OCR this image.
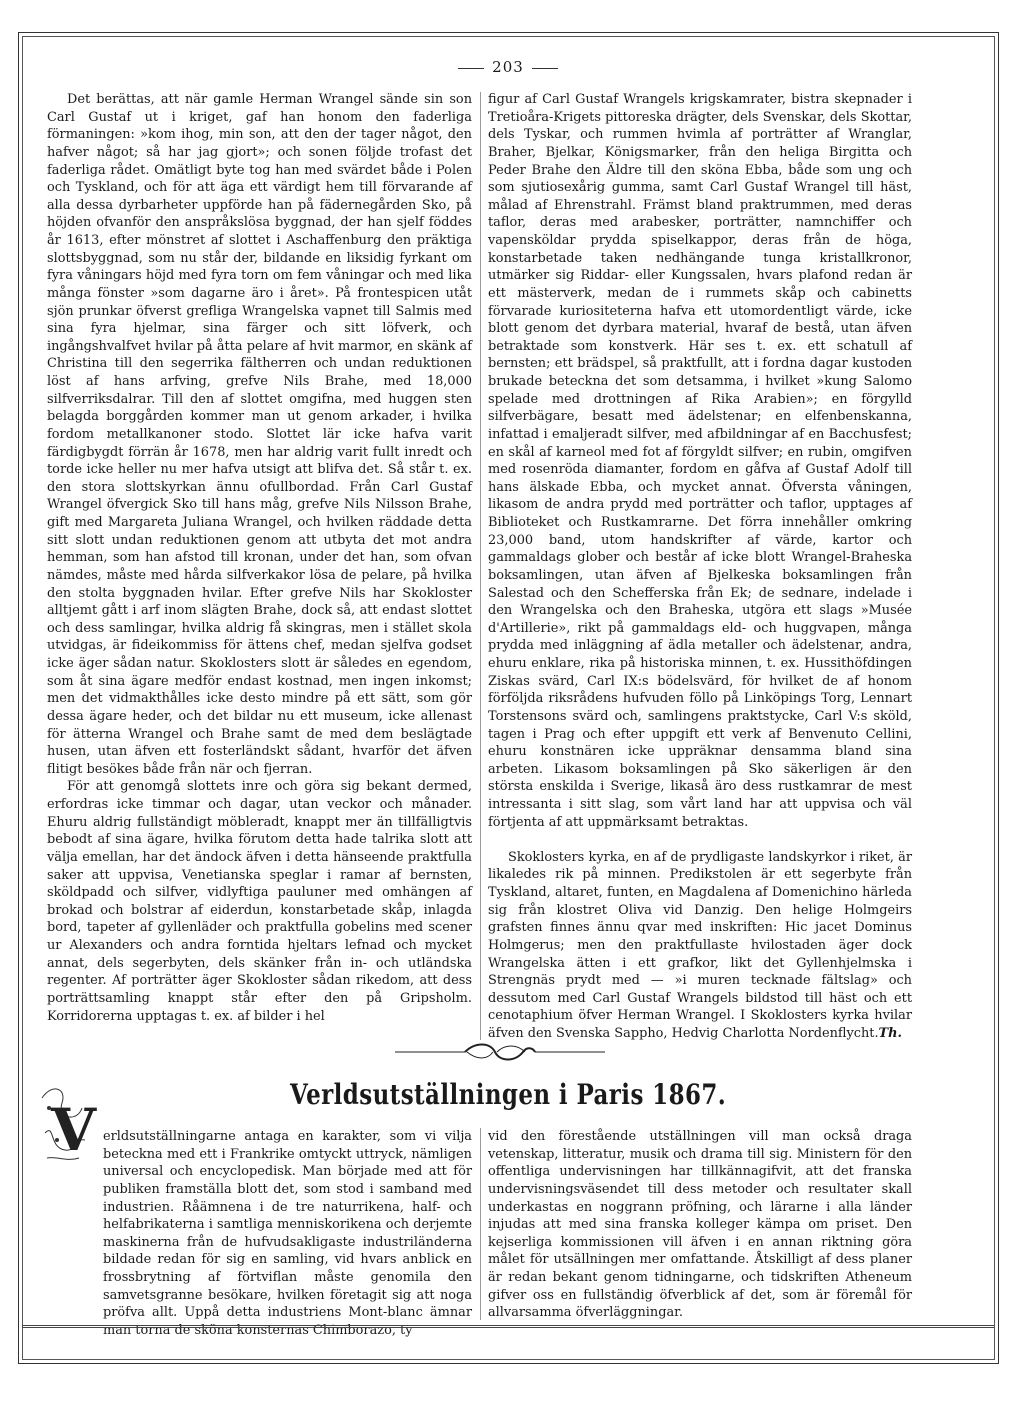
203

Det berättas, att när gamle Herman Wrangel sände sin son Carl Gustaf ut i kriget, gaf han honom den faderliga förmaningen: »kom ihog, min son, att den der tager något, den hafver något; så har jag gjort»; och sonen följde trofast det faderliga rådet. Omätligt byte tog han med svärdet både i Polen och Tyskland, och för att äga ett värdigt hem till förvarande af alla dessa dyrbarheter uppförde han på fädernegården Sko, på höjden ofvanför den anspråkslösa byggnad, der han sjelf föddes år 1613, efter mönstret af slottet i Aschaffenburg den präktiga slottsbyggnad, som nu står der, bildande en liksidig fyrkant om fyra våningars höjd med fyra torn om fem våningar och med lika många fönster »som dagarne äro i året». På frontespicen utåt sjön prunkar öfverst grefliga Wrangelska vapnet till Salmis med sina fyra hjelmar, sina färger och sitt löfverk, och ingångshvalfvet hvilar på åtta pelare af hvit marmor, en skänk af Christina till den segerrika fältherren och undan reduktionen löst af hans arfving, grefve Nils Brahe, med 18,000 silfverriksdalrar. Till den af slottet omgifna, med huggen sten belagda borggården kommer man ut genom arkader, i hvilka fordom metallkanoner stodo. Slottet lär icke hafva varit färdigbygdt förrän år 1678, men har aldrig varit fullt inredt och torde icke heller nu mer hafva utsigt att blifva det. Så står t. ex. den stora slottskyrkan ännu ofullbordad. Från Carl Gustaf Wrangel öfvergick Sko till hans måg, grefve Nils Nilsson Brahe, gift med Margareta Juliana Wrangel, och hvilken räddade detta sitt slott undan reduktionen genom att utbyta det mot andra hemman, som han afstod till kronan, under det han, som ofvan nämdes, måste med hårda silfverkakor lösa de pelare, på hvilka den stolta byggnaden hvilar. Efter grefve Nils har Skokloster alltjemt gått i arf inom slägten Brahe, dock så, att endast slottet och dess samlingar, hvilka aldrig få skingras, men i stället skola utvidgas, är fideikommiss för ättens chef, medan sjelfva godset icke äger sådan natur. Skoklosters slott är således en egendom, som åt sina ägare medför endast kostnad, men ingen inkomst; men det vidmakthålles icke desto mindre på ett sätt, som gör dessa ägare heder, och det bildar nu ett museum, icke allenast för ätterna Wrangel och Brahe samt de med dem beslägtade husen, utan äfven ett fosterländskt sådant, hvarför det äfven flitigt besökes både från när och fjerran.

För att genomgå slottets inre och göra sig bekant dermed, erfordras icke timmar och dagar, utan veckor och månader. Ehuru aldrig fullständigt möbleradt, knappt mer än tillfälligtvis bebodt af sina ägare, hvilka förutom detta hade talrika slott att välja emellan, har det ändock äfven i detta hänseende praktfulla saker att uppvisa, Venetianska speglar i ramar af bernsten, sköldpadd och silfver, vidlyftiga pauluner med omhängen af brokad och bolstrar af eiderdun, konstarbetade skåp, inlagda bord, tapeter af gyllenläder och praktfulla gobelins med scener ur Alexanders och andra forntida hjeltars lefnad och mycket annat, dels segerbyten, dels skänker från in- och utländska regenter. Af porträtter äger Skokloster sådan rikedom, att dess porträttsamling knappt står efter den på Gripsholm. Korridorerna upptagas t. ex. af bilder i hel

figur af Carl Gustaf Wrangels krigskamrater, bistra skepnader i Tretioåra-Krigets pittoreska drägter, dels Svenskar, dels Skottar, dels Tyskar, och rummen hvimla af porträtter af Wranglar, Braher, Bjelkar, Königsmarker, från den heliga Birgitta och Peder Brahe den Äldre till den sköna Ebba, både som ung och som sjutiosexårig gumma, samt Carl Gustaf Wrangel till häst, målad af Ehrenstrahl. Främst bland praktrummen, med deras taflor, deras med arabesker, porträtter, namnchiffer och vapensköldar prydda spiselkappor, deras från de höga, konstarbetade taken nedhängande tunga kristallkronor, utmärker sig Riddar- eller Kungssalen, hvars plafond redan är ett mästerverk, medan de i rummets skåp och cabinetts förvarade kuriositeterna hafva ett utomordentligt värde, icke blott genom det dyrbara material, hvaraf de bestå, utan äfven betraktade som konstverk. Här ses t. ex. ett schatull af bernsten; ett brädspel, så praktfullt, att i fordna dagar kustoden brukade beteckna det som detsamma, i hvilket »kung Salomo spelade med drottningen af Rika Arabien»; en förgylld silfverbägare, besatt med ädelstenar; en elfenbenskanna, infattad i emaljeradt silfver, med afbildningar af en Bacchusfest; en skål af karneol med fot af förgyldt silfver; en rubin, omgifven med rosenröda diamanter, fordom en gåfva af Gustaf Adolf till hans älskade Ebba, och mycket annat. Öfversta våningen, likasom de andra prydd med porträtter och taflor, upptages af Biblioteket och Rustkamrarne. Det förra innehåller omkring 23,000 band, utom handskrifter af värde, kartor och gammaldags glober och består af icke blott Wrangel-Braheska boksamlingen, utan äfven af Bjelkeska boksamlingen från Salestad och den Schefferska från Ek; de sednare, indelade i den Wrangelska och den Braheska, utgöra ett slags »Musée d'Artillerie», rikt på gammaldags eld- och huggvapen, många prydda med inläggning af ädla metaller och ädelstenar, andra, ehuru enklare, rika på historiska minnen, t. ex. Hussithöfdingen Ziskas svärd, Carl IX:s bödelsvärd, för hvilket de af honom förföljda riksrådens hufvuden föllo på Linköpings Torg, Lennart Torstensons svärd och, samlingens praktstycke, Carl V:s sköld, tagen i Prag och efter uppgift ett verk af Benvenuto Cellini, ehuru konstnären icke uppräknar densamma bland sina arbeten. Likasom boksamlingen på Sko säkerligen är den största enskilda i Sverige, likaså äro dess rustkamrar de mest intressanta i sitt slag, som vårt land har att uppvisa och väl förtjenta af att uppmärksamt betraktas.

Skoklosters kyrka, en af de prydligaste landskyrkor i riket, är likaledes rik på minnen. Predikstolen är ett segerbyte från Tyskland, altaret, funten, en Magdalena af Domenichino härleda sig från klostret Oliva vid Danzig. Den helige Holmgeirs grafsten finnes ännu qvar med inskriften: Hic jacet Dominus Holmgerus; men den praktfullaste hvilostaden äger dock Wrangelska ätten i ett grafkor, likt det Gyllenhjelmska i Strengnäs prydt med — »i muren tecknade fältslag» och dessutom med Carl Gustaf Wrangels bildstod till häst och ett cenotaphium öfver Herman Wrangel. I Skoklosters kyrka hvilar äfven den Svenska Sappho, Hedvig Charlotta Nordenflycht. Th.
V
Verldsutställningen i Paris 1867.
erldsutställningarne antaga en karakter, som vi vilja beteckna med ett i Frankrike omtyckt uttryck, nämligen universal och encyclopedisk. Man började med att för publiken framställa blott det, som stod i samband med industrien. Råämnena i de tre naturrikena, half- och helfabrikaterna i samtliga menniskorikena och derjemte maskinerna från de hufvudsakligaste industriländerna bildade redan för sig en samling, vid hvars anblick en frossbrytning af förtviflan måste genomila den samvetsgranne besökare, hvilken företagit sig att noga pröfva allt. Uppå detta industriens Mont-blanc ämnar man torna de sköna konsternas Chimborazo, ty
vid den förestående utställningen vill man också draga vetenskap, litteratur, musik och drama till sig. Ministern för den offentliga undervisningen har tillkännagifvit, att det franska undervisningsväsendet till dess metoder och resultater skall underkastas en noggrann pröfning, och lärarne i alla länder injudas att med sina franska kolleger kämpa om priset. Den kejserliga kommissionen vill äfven i en annan riktning göra målet för utsällningen mer omfattande. Åtskilligt af dess planer är redan bekant genom tidningarne, och tidskriften Atheneum gifver oss en fullständig öfverblick af det, som är föremål för allvarsamma öfverläggningar.
